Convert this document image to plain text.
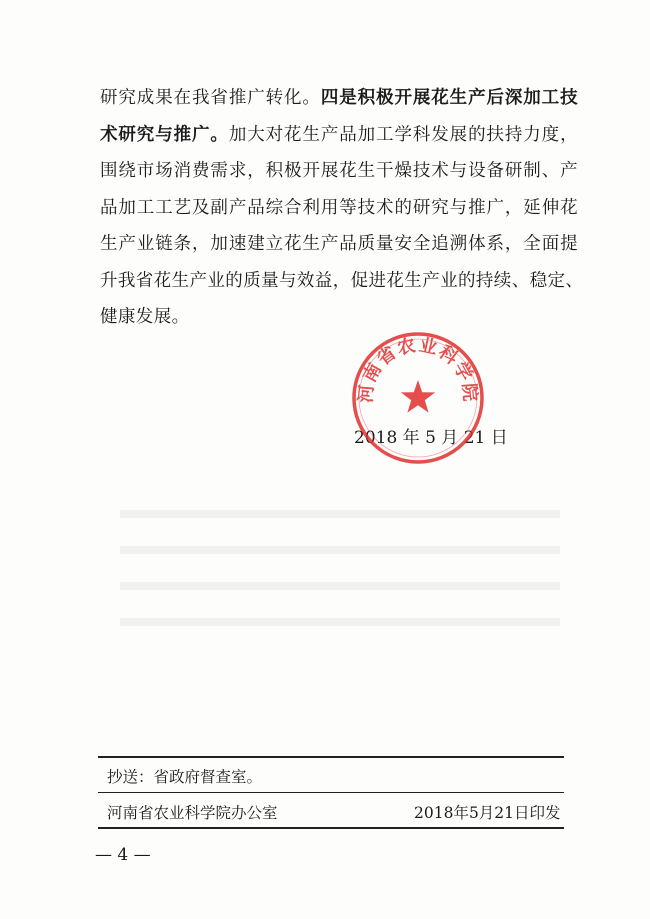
研究成果在我省推广转化。四是积极开展花生产后深加工技
术研究与推广。加大对花生产品加工学科发展的扶持力度，
围绕市场消费需求，积极开展花生干燥技术与设备研制、产
品加工工艺及副产品综合利用等技术的研究与推广，延伸花
生产业链条，加速建立花生产品质量安全追溯体系，全面提
升我省花生产业的质量与效益，促进花生产业的持续、稳定、
健康发展。
2018 年 5 月 21 日
河南省农业科学院
抄送：省政府督查室。
河南省农业科学院办公室	2018年5月21日印发
— 4 —
